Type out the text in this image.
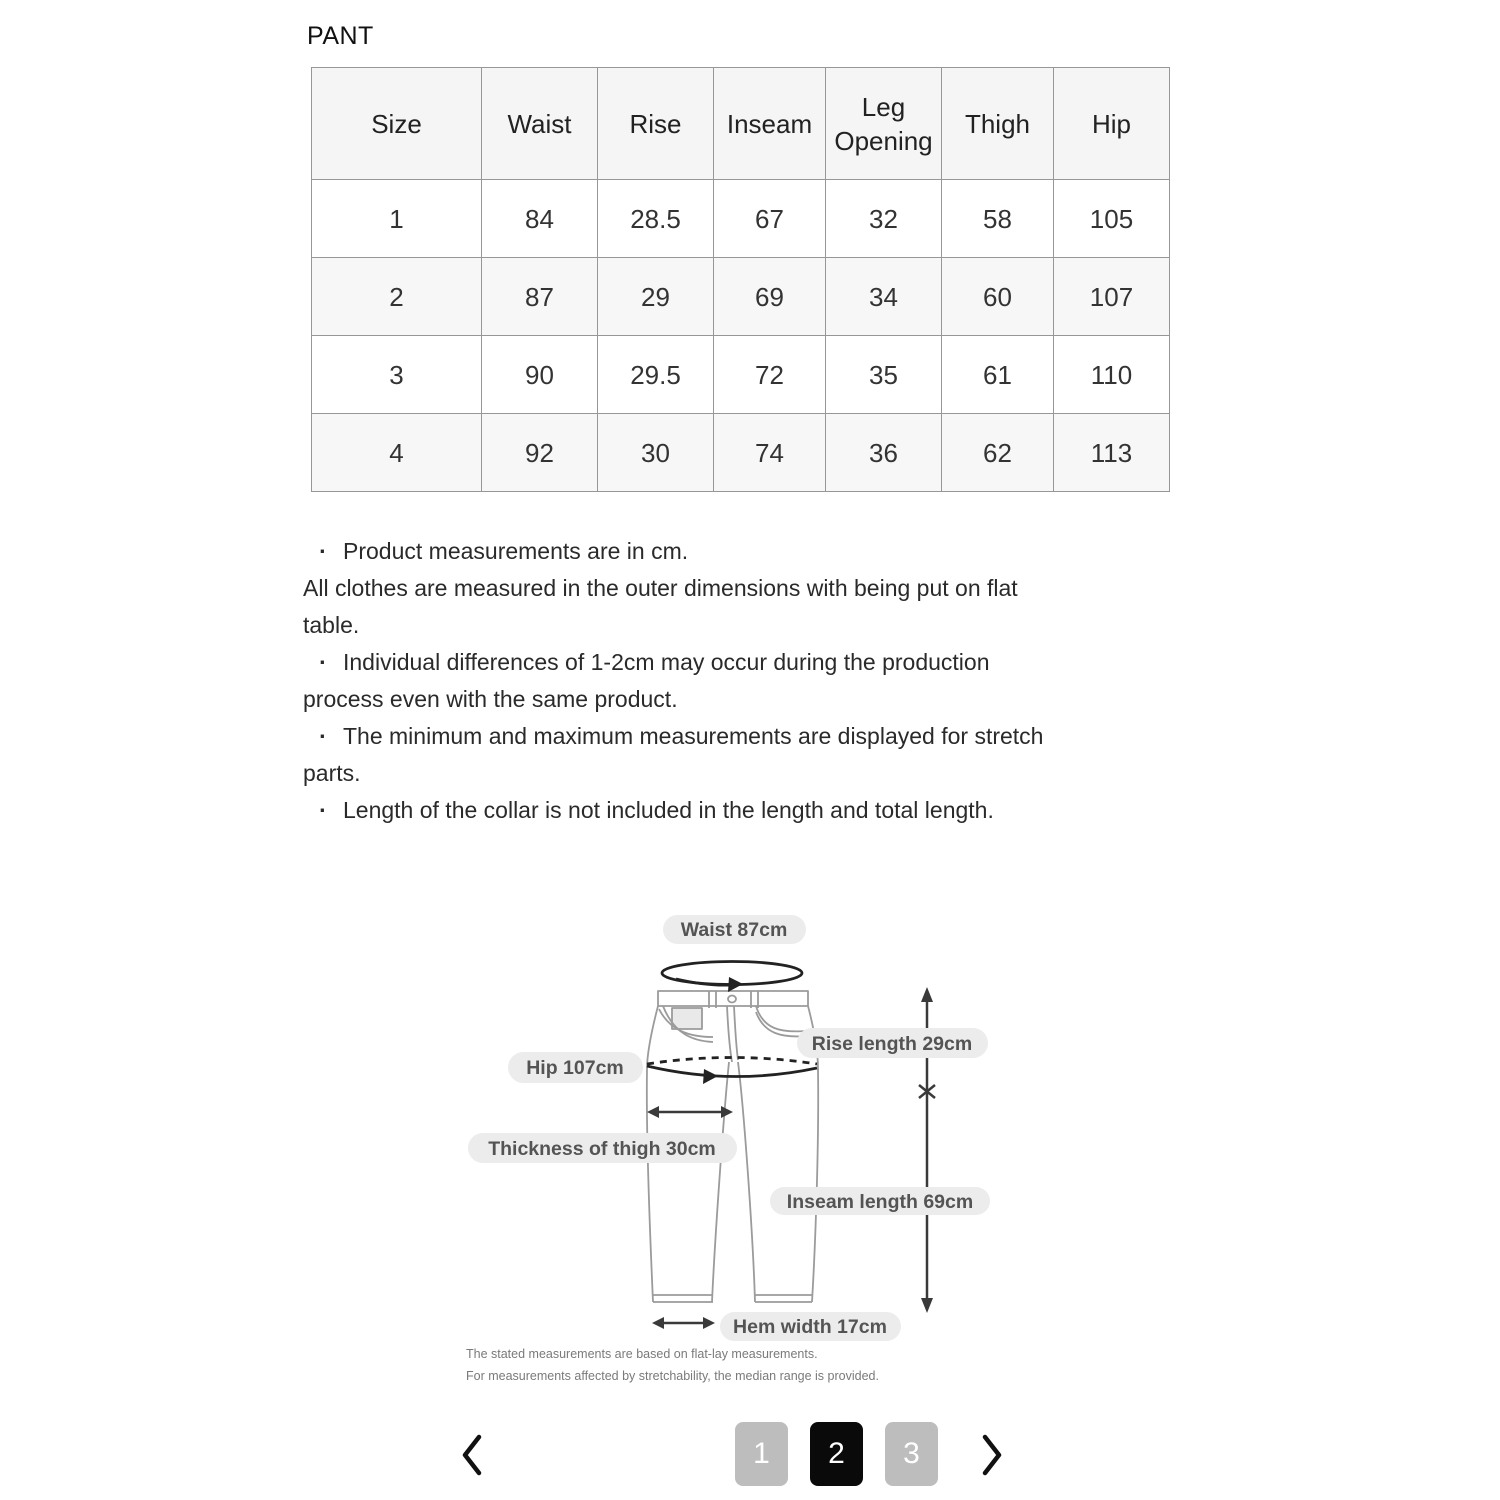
PANT
Size	Waist	Rise	Inseam	Leg Opening	Thigh	Hip
1	84	28.5	67	32	58	105
2	87	29	69	34	60	107
3	90	29.5	72	35	61	110
4	92	30	74	36	62	113
· Product measurements are in cm.
All clothes are measured in the outer dimensions with being put on flat
table.
· Individual differences of 1-2cm may occur during the production
process even with the same product.
· The minimum and maximum measurements are displayed for stretch
parts.
· Length of the collar is not included in the length and total length.
Waist 87cm
Rise length 29cm
Hip 107cm
Thickness of thigh 30cm
Inseam length 69cm
Hem width 17cm
The stated measurements are based on flat-lay measurements.
For measurements affected by stretchability, the median range is provided.
1	2	3
